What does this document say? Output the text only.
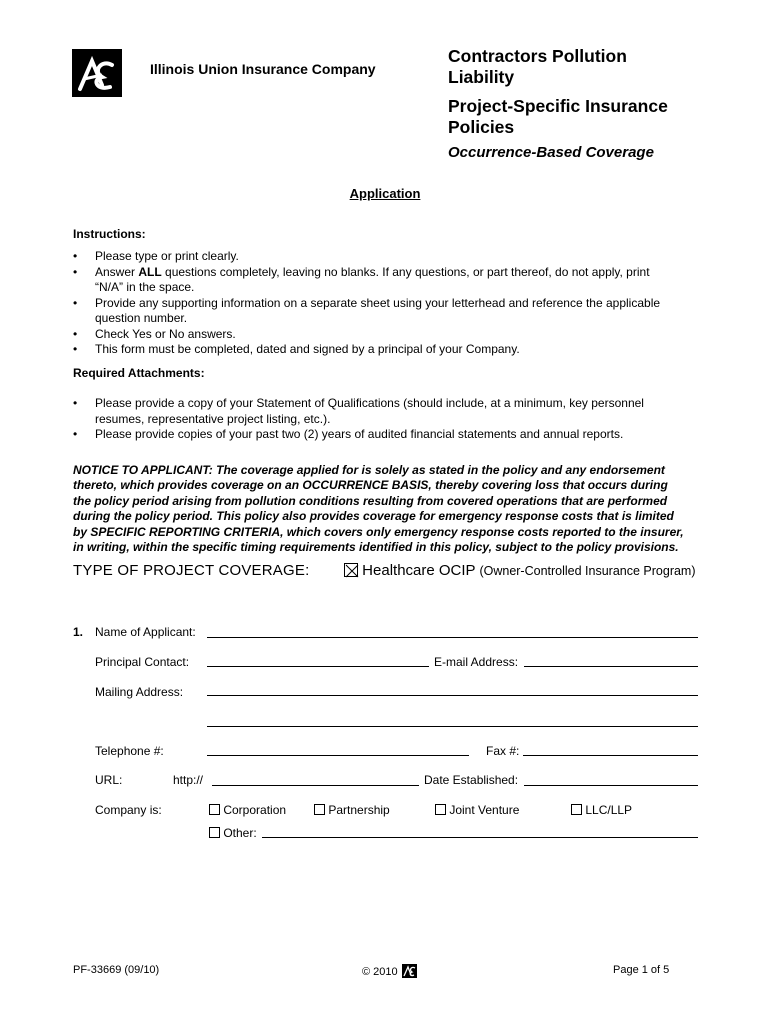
Illinois Union Insurance Company
Contractors Pollution
Liability
Project-Specific Insurance
Policies
Occurrence-Based Coverage
Application
Instructions:
• Please type or print clearly.
• Answer ALL questions completely, leaving no blanks. If any questions, or part thereof, do not apply, print
“N/A” in the space.
• Provide any supporting information on a separate sheet using your letterhead and reference the applicable
question number.
• Check Yes or No answers.
• This form must be completed, dated and signed by a principal of your Company.
Required Attachments:
• Please provide a copy of your Statement of Qualifications (should include, at a minimum, key personnel
resumes, representative project listing, etc.).
• Please provide copies of your past two (2) years of audited financial statements and annual reports.
NOTICE TO APPLICANT: The coverage applied for is solely as stated in the policy and any endorsement
thereto, which provides coverage on an OCCURRENCE BASIS, thereby covering loss that occurs during
the policy period arising from pollution conditions resulting from covered operations that are performed
during the policy period. This policy also provides coverage for emergency response costs that is limited
by SPECIFIC REPORTING CRITERIA, which covers only emergency response costs reported to the insurer,
in writing, within the specific timing requirements identified in this policy, subject to the policy provisions.
TYPE OF PROJECT COVERAGE:	Healthcare OCIP (Owner-Controlled Insurance Program)
1. Name of Applicant:
Principal Contact:	E-mail Address:
Mailing Address:
Telephone #:	Fax #:
URL:	http://	Date Established:
Company is:	Corporation	Partnership	Joint Venture	LLC/LLP
Other:
PF-33669 (09/10)	© 2010	Page 1 of 5
